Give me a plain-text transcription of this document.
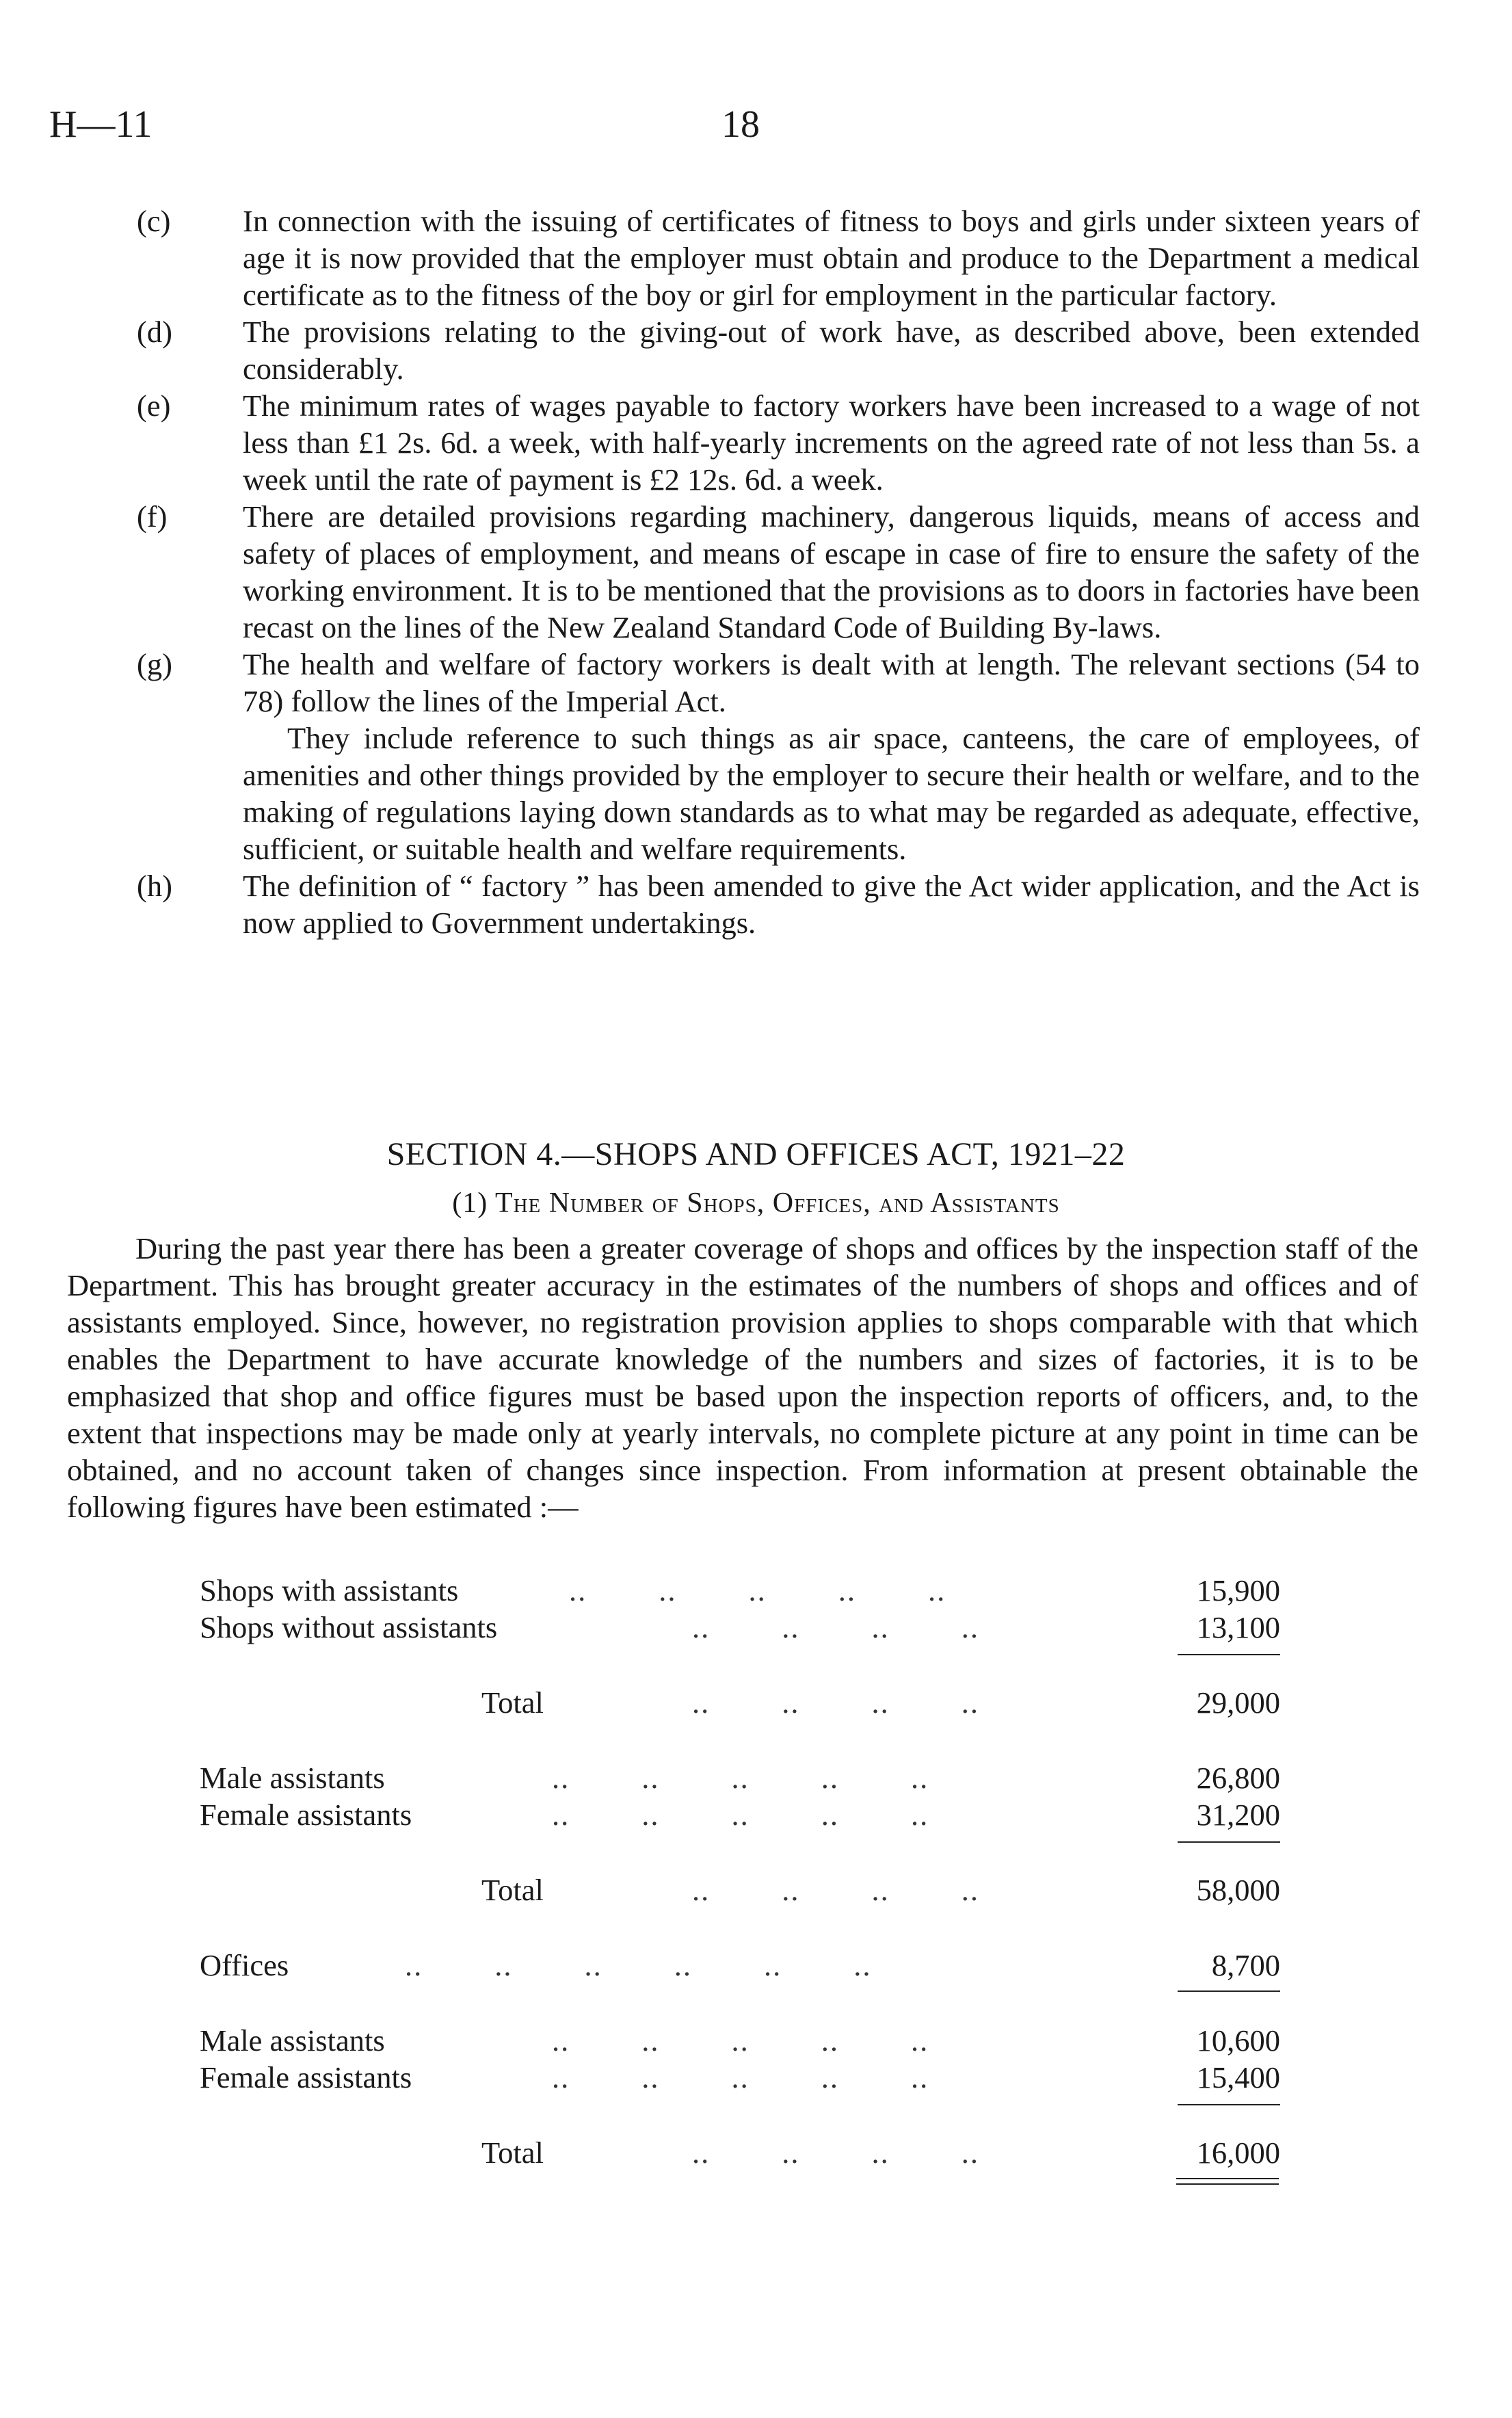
H—11	18
(c) In connection with the issuing of certificates of fitness to boys and girls under sixteen years of age it is now provided that the employer must obtain and produce to the Department a medical certificate as to the fitness of the boy or girl for employment in the particular factory.
(d) The provisions relating to the giving-out of work have, as described above, been extended considerably.
(e) The minimum rates of wages payable to factory workers have been increased to a wage of not less than £1 2s. 6d. a week, with half-yearly increments on the agreed rate of not less than 5s. a week until the rate of payment is £2 12s. 6d. a week.
(f) There are detailed provisions regarding machinery, dangerous liquids, means of access and safety of places of employment, and means of escape in case of fire to ensure the safety of the working environment. It is to be mentioned that the provisions as to doors in factories have been recast on the lines of the New Zealand Standard Code of Building By-laws.
(g) The health and welfare of factory workers is dealt with at length. The relevant sections (54 to 78) follow the lines of the Imperial Act.
They include reference to such things as air space, canteens, the care of employees, of amenities and other things provided by the employer to secure their health or welfare, and to the making of regulations laying down standards as to what may be regarded as adequate, effective, sufficient, or suitable health and welfare requirements.
(h) The definition of “ factory ” has been amended to give the Act wider application, and the Act is now applied to Government undertakings.
SECTION 4.—SHOPS AND OFFICES ACT, 1921–22
(1) The Number of Shops, Offices, and Assistants

During the past year there has been a greater coverage of shops and offices by the inspection staff of the Department. This has brought greater accuracy in the estimates of the numbers of shops and offices and of assistants employed. Since, however, no registration provision applies to shops comparable with that which enables the Department to have accurate knowledge of the numbers and sizes of factories, it is to be emphasized that shop and office figures must be based upon the inspection reports of officers, and, to the extent that inspections may be made only at yearly intervals, no complete picture at any point in time can be obtained, and no account taken of changes since inspection. From information at present obtainable the following figures have been estimated :—

Shops with assistants	..        ..        ..        ..        ..	15,900
Shops without assistants	..        ..        ..        ..	13,100
Total	..        ..        ..        ..	29,000
Male assistants	..        ..        ..        ..        ..	26,800
Female assistants	..        ..        ..        ..        ..	31,200
Total	..        ..        ..        ..	58,000
Offices	..        ..        ..        ..        ..        ..	8,700
Male assistants	..        ..        ..        ..        ..	10,600
Female assistants	..        ..        ..        ..        ..	15,400
Total	..        ..        ..        ..	16,000
